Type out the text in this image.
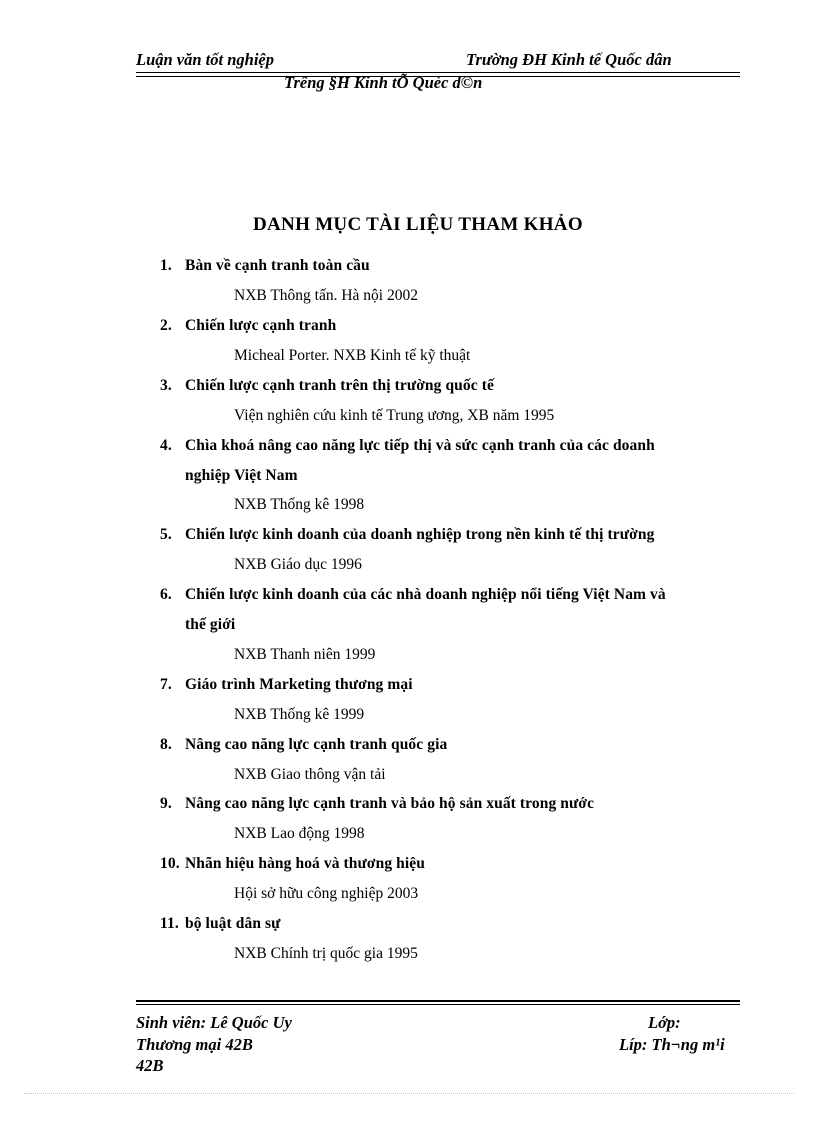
Luận văn tốt nghiệp	Trường ĐH Kinh tế Quốc dân
Trêng §H Kinh tÕ Quèc d©n
DANH MỤC TÀI LIỆU THAM KHẢO
1. Bàn về cạnh tranh toàn cầu
NXB Thông tấn. Hà nội 2002
2. Chiến lược cạnh tranh
Micheal Porter. NXB Kinh tế kỹ thuật
3. Chiến lược cạnh tranh trên thị trường quốc tế
Viện nghiên cứu kinh tế Trung ương, XB năm 1995
4. Chìa khoá nâng cao năng lực tiếp thị và sức cạnh tranh của các doanh
nghiệp Việt Nam
NXB Thống kê 1998
5. Chiến lược kinh doanh của doanh nghiệp trong nền kinh tế thị trường
NXB Giáo dục 1996
6. Chiến lược kinh doanh của các nhà doanh nghiệp nổi tiếng Việt Nam và
thế giới
NXB Thanh niên 1999
7. Giáo trình Marketing thương mại
NXB Thống kê 1999
8. Nâng cao năng lực cạnh tranh quốc gia
NXB Giao thông vận tải
9. Nâng cao năng lực cạnh tranh và bảo hộ sản xuất trong nước
NXB Lao động 1998
10. Nhãn hiệu hàng hoá và thương hiệu
Hội sở hữu công nghiệp 2003
11. bộ luật dân sự
NXB Chính trị quốc gia 1995
Sinh viên: Lê Quốc Uy	Lớp:
Thương mại 42B	Líp: Th¬ng m¹i
42B
